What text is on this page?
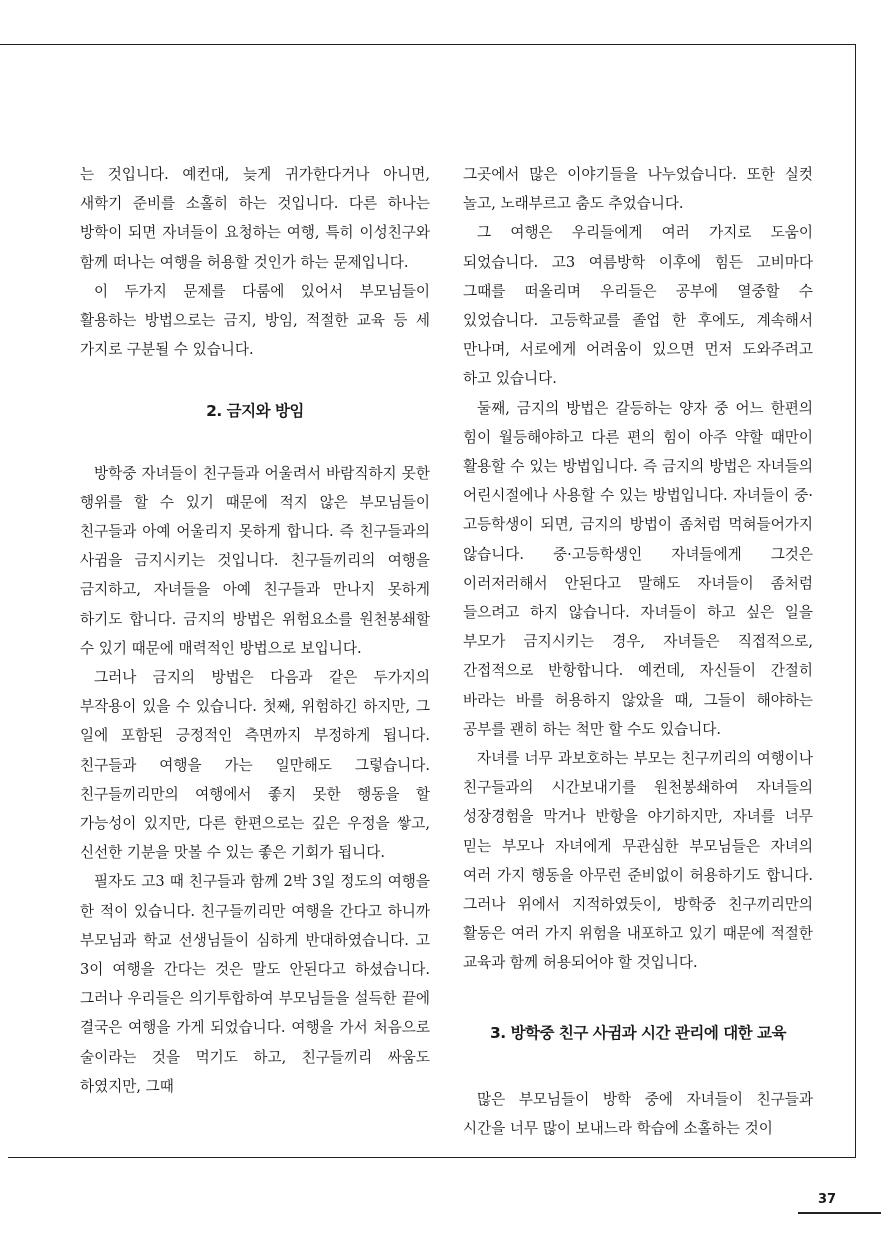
는 것입니다. 예컨대, 늦게 귀가한다거나 아니면, 새학기 준비를 소홀히 하는 것입니다. 다른 하나는 방학이 되면 자녀들이 요청하는 여행, 특히 이성친구와 함께 떠나는 여행을 허용할 것인가 하는 문제입니다.

이 두가지 문제를 다룸에 있어서 부모님들이 활용하는 방법으로는 금지, 방임, 적절한 교육 등 세 가지로 구분될 수 있습니다.

2. 금지와 방임

방학중 자녀들이 친구들과 어울려서 바람직하지 못한 행위를 할 수 있기 때문에 적지 않은 부모님들이 친구들과 아예 어울리지 못하게 합니다. 즉 친구들과의 사귐을 금지시키는 것입니다. 친구들끼리의 여행을 금지하고, 자녀들을 아예 친구들과 만나지 못하게 하기도 합니다. 금지의 방법은 위험요소를 원천봉쇄할 수 있기 때문에 매력적인 방법으로 보입니다.

그러나 금지의 방법은 다음과 같은 두가지의 부작용이 있을 수 있습니다. 첫째, 위험하긴 하지만, 그 일에 포함된 긍정적인 측면까지 부정하게 됩니다. 친구들과 여행을 가는 일만해도 그렇습니다. 친구들끼리만의 여행에서 좋지 못한 행동을 할 가능성이 있지만, 다른 한편으로는 깊은 우정을 쌓고, 신선한 기분을 맛볼 수 있는 좋은 기회가 됩니다.

필자도 고3 때 친구들과 함께 2박 3일 정도의 여행을 한 적이 있습니다. 친구들끼리만 여행을 간다고 하니까 부모님과 학교 선생님들이 심하게 반대하였습니다. 고 3이 여행을 간다는 것은 말도 안된다고 하셨습니다. 그러나 우리들은 의기투합하여 부모님들을 설득한 끝에 결국은 여행을 가게 되었습니다. 여행을 가서 처음으로 술이라는 것을 먹기도 하고, 친구들끼리 싸움도 하였지만, 그때

그곳에서 많은 이야기들을 나누었습니다. 또한 실컷 놀고, 노래부르고 춤도 추었습니다.

그 여행은 우리들에게 여러 가지로 도움이 되었습니다. 고3 여름방학 이후에 힘든 고비마다 그때를 떠올리며 우리들은 공부에 열중할 수 있었습니다. 고등학교를 졸업 한 후에도, 계속해서 만나며, 서로에게 어려움이 있으면 먼저 도와주려고 하고 있습니다.

둘째, 금지의 방법은 갈등하는 양자 중 어느 한편의 힘이 월등해야하고 다른 편의 힘이 아주 약할 때만이 활용할 수 있는 방법입니다. 즉 금지의 방법은 자녀들의 어린시절에나 사용할 수 있는 방법입니다. 자녀들이 중·고등학생이 되면, 금지의 방법이 좀처럼 먹혀들어가지 않습니다. 중·고등학생인 자녀들에게 그것은 이러저러해서 안된다고 말해도 자녀들이 좀처럼 들으려고 하지 않습니다. 자녀들이 하고 싶은 일을 부모가 금지시키는 경우, 자녀들은 직접적으로, 간접적으로 반항합니다. 예컨데, 자신들이 간절히 바라는 바를 허용하지 않았을 때, 그들이 해야하는 공부를 괜히 하는 척만 할 수도 있습니다.

자녀를 너무 과보호하는 부모는 친구끼리의 여행이나 친구들과의 시간보내기를 원천봉쇄하여 자녀들의 성장경험을 막거나 반항을 야기하지만, 자녀를 너무 믿는 부모나 자녀에게 무관심한 부모님들은 자녀의 여러 가지 행동을 아무런 준비없이 허용하기도 합니다. 그러나 위에서 지적하였듯이, 방학중 친구끼리만의 활동은 여러 가지 위험을 내포하고 있기 때문에 적절한 교육과 함께 허용되어야 할 것입니다.

3. 방학중 친구 사귐과 시간 관리에 대한 교육

많은 부모님들이 방학 중에 자녀들이 친구들과 시간을 너무 많이 보내느라 학습에 소홀하는 것이

37
